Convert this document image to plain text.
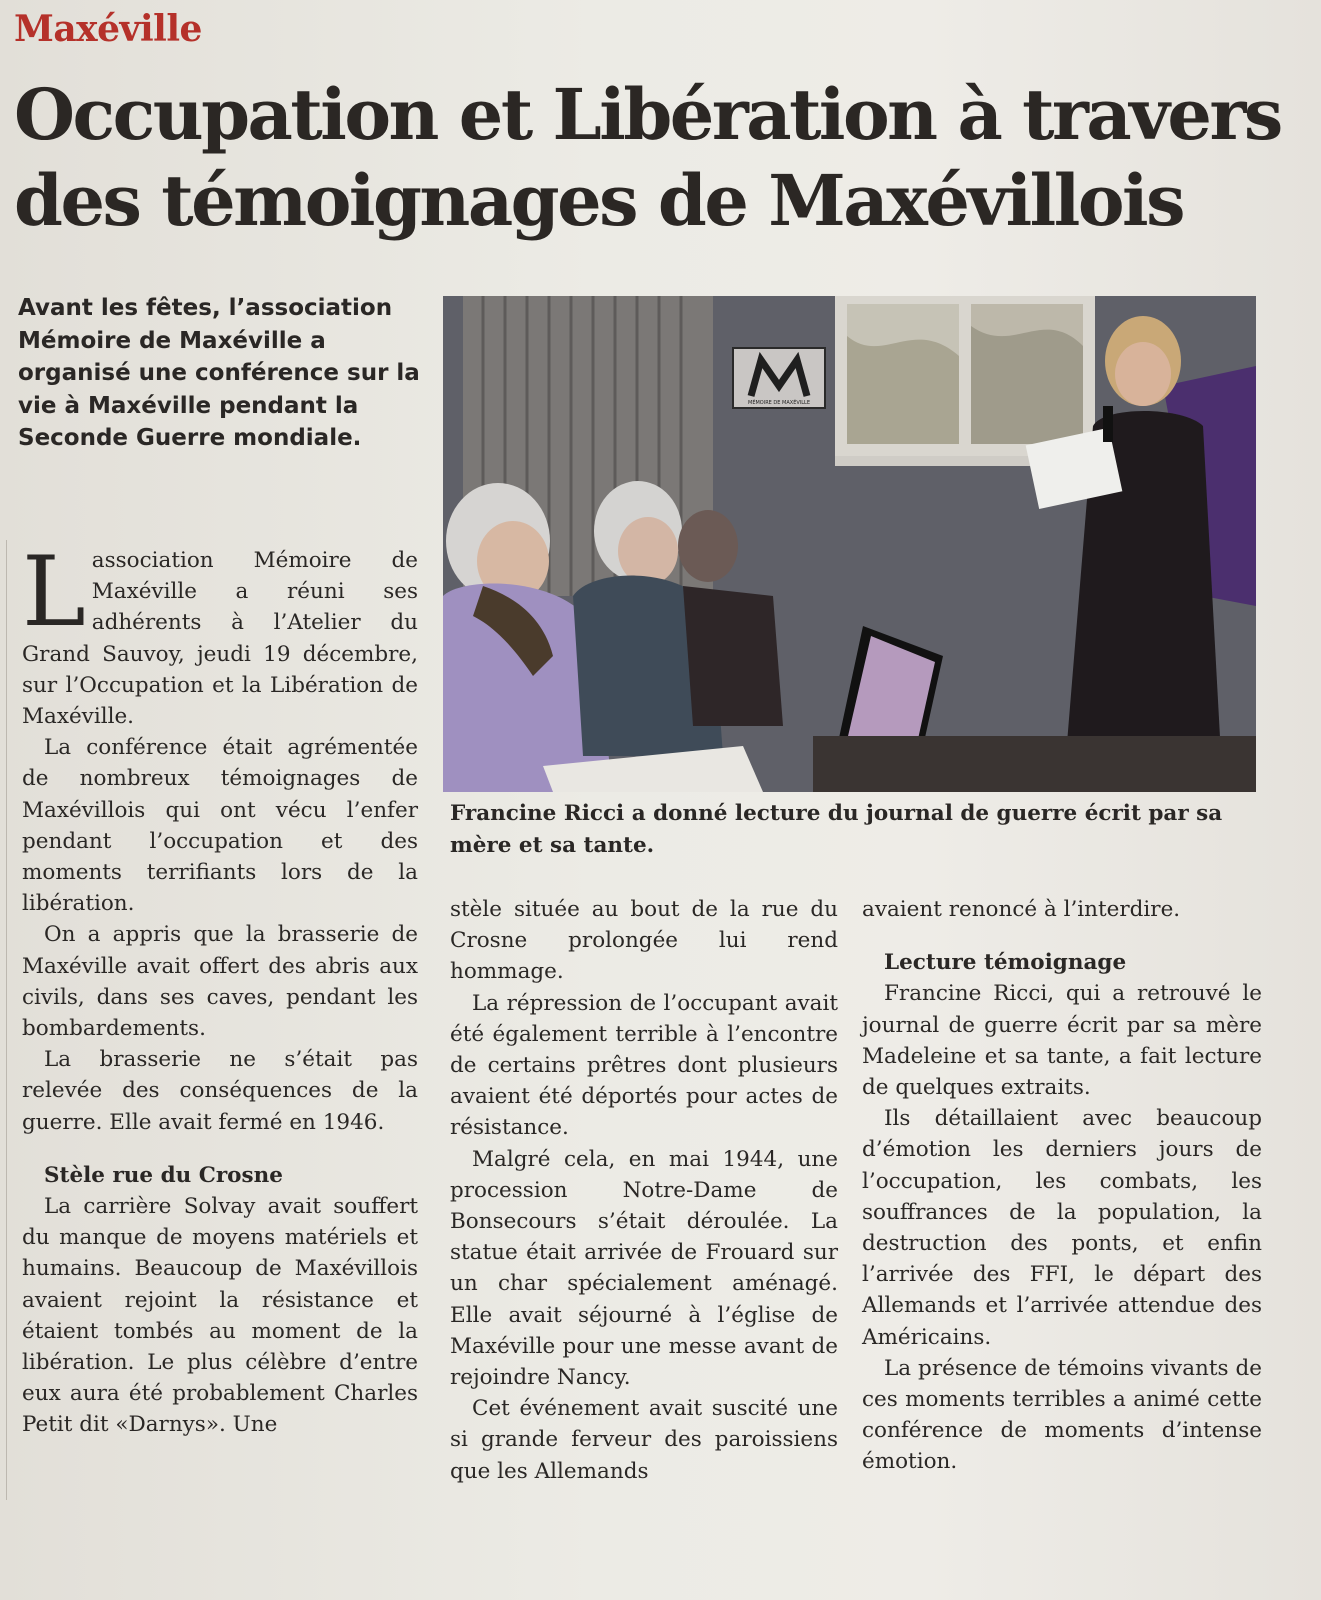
Maxéville
Occupation et Libération à travers
des témoignages de Maxévillois
Avant les fêtes, l’association Mémoire de Maxéville a organisé une conférence sur la vie à Maxéville pendant la Seconde Guerre mondiale.
MÉMOIRE DE MAXÉVILLE
Francine Ricci a donné lecture du journal de guerre écrit par sa mère et sa tante.

Lassociation Mémoire de Maxéville a réuni ses adhérents à l’Atelier du Grand Sauvoy, jeudi 19 décembre, sur l’Occupation et la Libération de Maxéville.

La conférence était agrémentée de nombreux témoignages de Maxévillois qui ont vécu l’enfer pendant l’occupation et des moments terrifiants lors de la libération.

On a appris que la brasserie de Maxéville avait offert des abris aux civils, dans ses caves, pendant les bombardements.

La brasserie ne s’était pas relevée des conséquences de la guerre. Elle avait fermé en 1946.

Stèle rue du Crosne

La carrière Solvay avait souffert du manque de moyens matériels et humains. Beaucoup de Maxévillois avaient rejoint la résistance et étaient tombés au moment de la libération. Le plus célèbre d’entre eux aura été probablement Charles Petit dit «Darnys». Une

stèle située au bout de la rue du Crosne prolongée lui rend hommage.

La répression de l’occupant avait été également terrible à l’encontre de certains prêtres dont plusieurs avaient été déportés pour actes de résistance.

Malgré cela, en mai 1944, une procession Notre-Dame de Bonsecours s’était déroulée. La statue était arrivée de Frouard sur un char spécialement aménagé. Elle avait séjourné à l’église de Maxéville pour une messe avant de rejoindre Nancy.

Cet événement avait suscité une si grande ferveur des paroissiens que les Allemands

avaient renoncé à l’interdire.

Lecture témoignage

Francine Ricci, qui a retrouvé le journal de guerre écrit par sa mère Madeleine et sa tante, a fait lecture de quelques extraits.

Ils détaillaient avec beaucoup d’émotion les derniers jours de l’occupation, les combats, les souffrances de la population, la destruction des ponts, et enfin l’arrivée des FFI, le départ des Allemands et l’arrivée attendue des Américains.

La présence de témoins vivants de ces moments terribles a animé cette conférence de moments d’intense émotion.
